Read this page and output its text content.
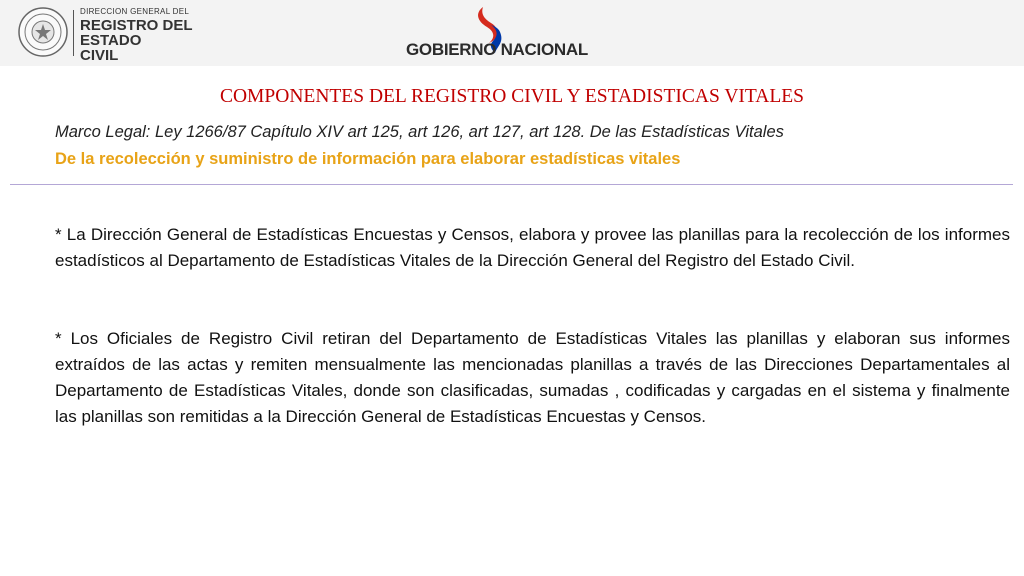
DIRECCION GENERAL DEL
REGISTRO DEL
ESTADO
CIVIL	GOBIERNO NACIONAL
COMPONENTES DEL REGISTRO CIVIL Y ESTADISTICAS VITALES
Marco Legal: Ley 1266/87 Capítulo XIV art 125, art 126, art 127, art 128. De las Estadísticas Vitales
De la recolección y suministro de información para elaborar estadísticas vitales
* La Dirección General de Estadísticas Encuestas y Censos, elabora y provee las planillas para la recolección de los informes estadísticos al Departamento de Estadísticas Vitales de la Dirección General del Registro del Estado Civil.
* Los Oficiales de Registro Civil retiran del Departamento de Estadísticas Vitales las planillas y elaboran sus informes extraídos de las actas y remiten mensualmente las mencionadas planillas a través de las Direcciones Departamentales al Departamento de Estadísticas Vitales, donde son clasificadas, sumadas , codificadas y cargadas en el sistema y finalmente las planillas son remitidas a la Dirección General de Estadísticas Encuestas y Censos.
